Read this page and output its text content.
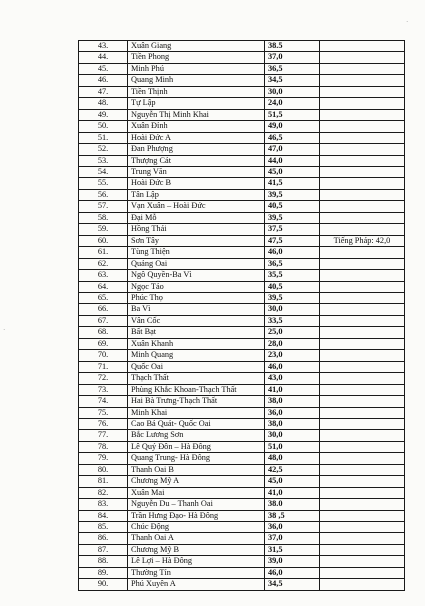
43.	Xuân Giang	38.5	
44.	Tiền Phong	37,0	
45.	Minh Phú	36,5	
46.	Quang Minh	34,5	
47.	Tiền Thịnh	30,0	
48.	Tự Lập	24,0	
49.	Nguyễn Thị Minh Khai	51,5	
50.	Xuân Đỉnh	49,0	
51.	Hoài Đức A	46,5	
52.	Đan Phượng	47,0	
53.	Thượng Cát	44,0	
54.	Trung Văn	45,0	
55.	Hoài Đức B	41,5	
56.	Tân Lập	39,5	
57.	Vạn Xuân – Hoài Đức	40,5	
58.	Đại Mỗ	39,5	
59.	Hồng Thái	37,5	
60.	Sơn Tây	47,5	Tiếng Pháp: 42,0
61.	Tùng Thiện	46,0	
62.	Quảng Oai	36,5	
63.	Ngô Quyền-Ba Vì	35,5	
64.	Ngọc Tảo	40,5	
65.	Phúc Thọ	39,5	
66.	Ba Vì	30,0	
67.	Vân Cốc	33,5	
68.	Bất Bạt	25,0	
69.	Xuân Khanh	28,0	
70.	Minh Quang	23,0	
71.	Quốc Oai	46,0	
72.	Thạch Thất	43,0	
73.	Phùng Khắc Khoan-Thạch Thất	41,0	
74.	Hai Bà Trưng-Thạch Thất	38,0	
75.	Minh Khai	36,0	
76.	Cao Bá Quát- Quốc Oai	38,0	
77.	Bắc Lương Sơn	30,0	
78.	Lê Quý Đôn – Hà Đông	51,0	
79.	Quang Trung- Hà Đông	48,0	
80.	Thanh Oai B	42,5	
81.	Chương Mỹ A	45,0	
82.	Xuân Mai	41,0	
83.	Nguyễn Du – Thanh Oai	38.0	
84.	Trần Hưng Đạo- Hà Đông	38 ,5	
85.	Chúc Động	36,0	
86.	Thanh Oai A	37,0	
87.	Chương Mỹ B	31,5	
88.	Lê Lợi – Hà Đông	39,0	
89.	Thường Tín	46,0	
90.	Phú Xuyên A	34,5	
·
·
